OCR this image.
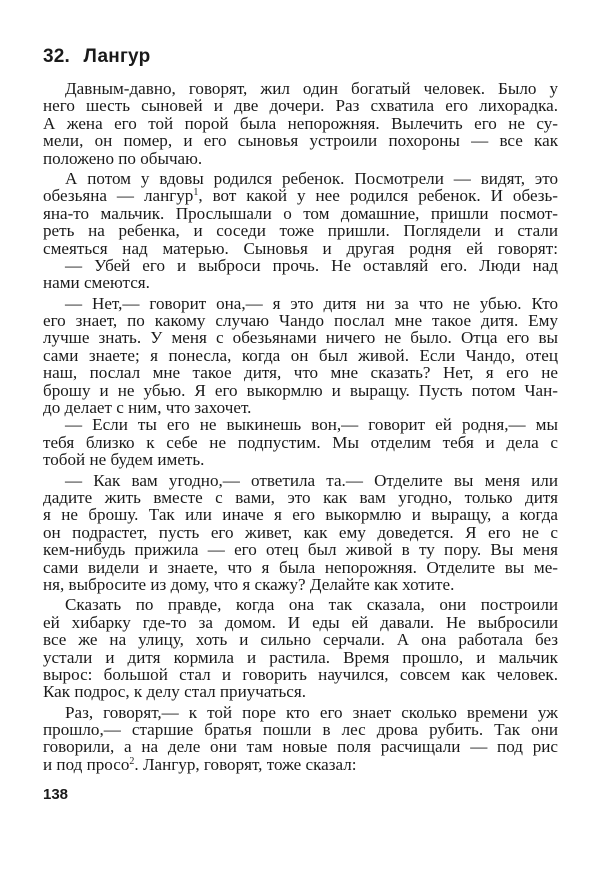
32. Лангур
Давным-давно, говорят, жил один богатый человек. Было у
него шесть сыновей и две дочери. Раз схватила его лихорадка.
А жена его той порой была непорожняя. Вылечить его не су-
мели, он помер, и его сыновья устроили похороны — все как
положено по обычаю.
А потом у вдовы родился ребенок. Посмотрели — видят, это
обезьяна — лангур$^1$, вот какой у нее родился ребенок. И обезь-
яна-то мальчик. Прослышали о том домашние, пришли посмот-
реть на ребенка, и соседи тоже пришли. Поглядели и стали
смеяться над матерью. Сыновья и другая родня ей говорят:
— Убей его и выброси прочь. Не оставляй его. Люди над
нами смеются.
— Нет,— говорит она,— я это дитя ни за что не убью. Кто
его знает, по какому случаю Чандо послал мне такое дитя. Ему
лучше знать. У меня с обезьянами ничего не было. Отца его вы
сами знаете; я понесла, когда он был живой. Если Чандо, отец
наш, послал мне такое дитя, что мне сказать? Нет, я его не
брошу и не убью. Я его выкормлю и выращу. Пусть потом Чан-
до делает с ним, что захочет.
— Если ты его не выкинешь вон,— говорит ей родня,— мы
тебя близко к себе не подпустим. Мы отделим тебя и дела с
тобой не будем иметь.
— Как вам угодно,— ответила та.— Отделите вы меня или
дадите жить вместе с вами, это как вам угодно, только дитя
я не брошу. Так или иначе я его выкормлю и выращу, а когда
он подрастет, пусть его живет, как ему доведется. Я его не с
кем-нибудь прижила — его отец был живой в ту пору. Вы меня
сами видели и знаете, что я была непорожняя. Отделите вы ме-
ня, выбросите из дому, что я скажу? Делайте как хотите.
Сказать по правде, когда она так сказала, они построили
ей хибарку где-то за домом. И еды ей давали. Не выбросили
все же на улицу, хоть и сильно серчали. А она работала без
устали и дитя кормила и растила. Время прошло, и мальчик
вырос: большой стал и говорить научился, совсем как человек.
Как подрос, к делу стал приучаться.
Раз, говорят,— к той поре кто его знает сколько времени уж
прошло,— старшие братья пошли в лес дрова рубить. Так они
говорили, а на деле они там новые поля расчищали — под рис
и под просо$^2$. Лангур, говорят, тоже сказал:
138
